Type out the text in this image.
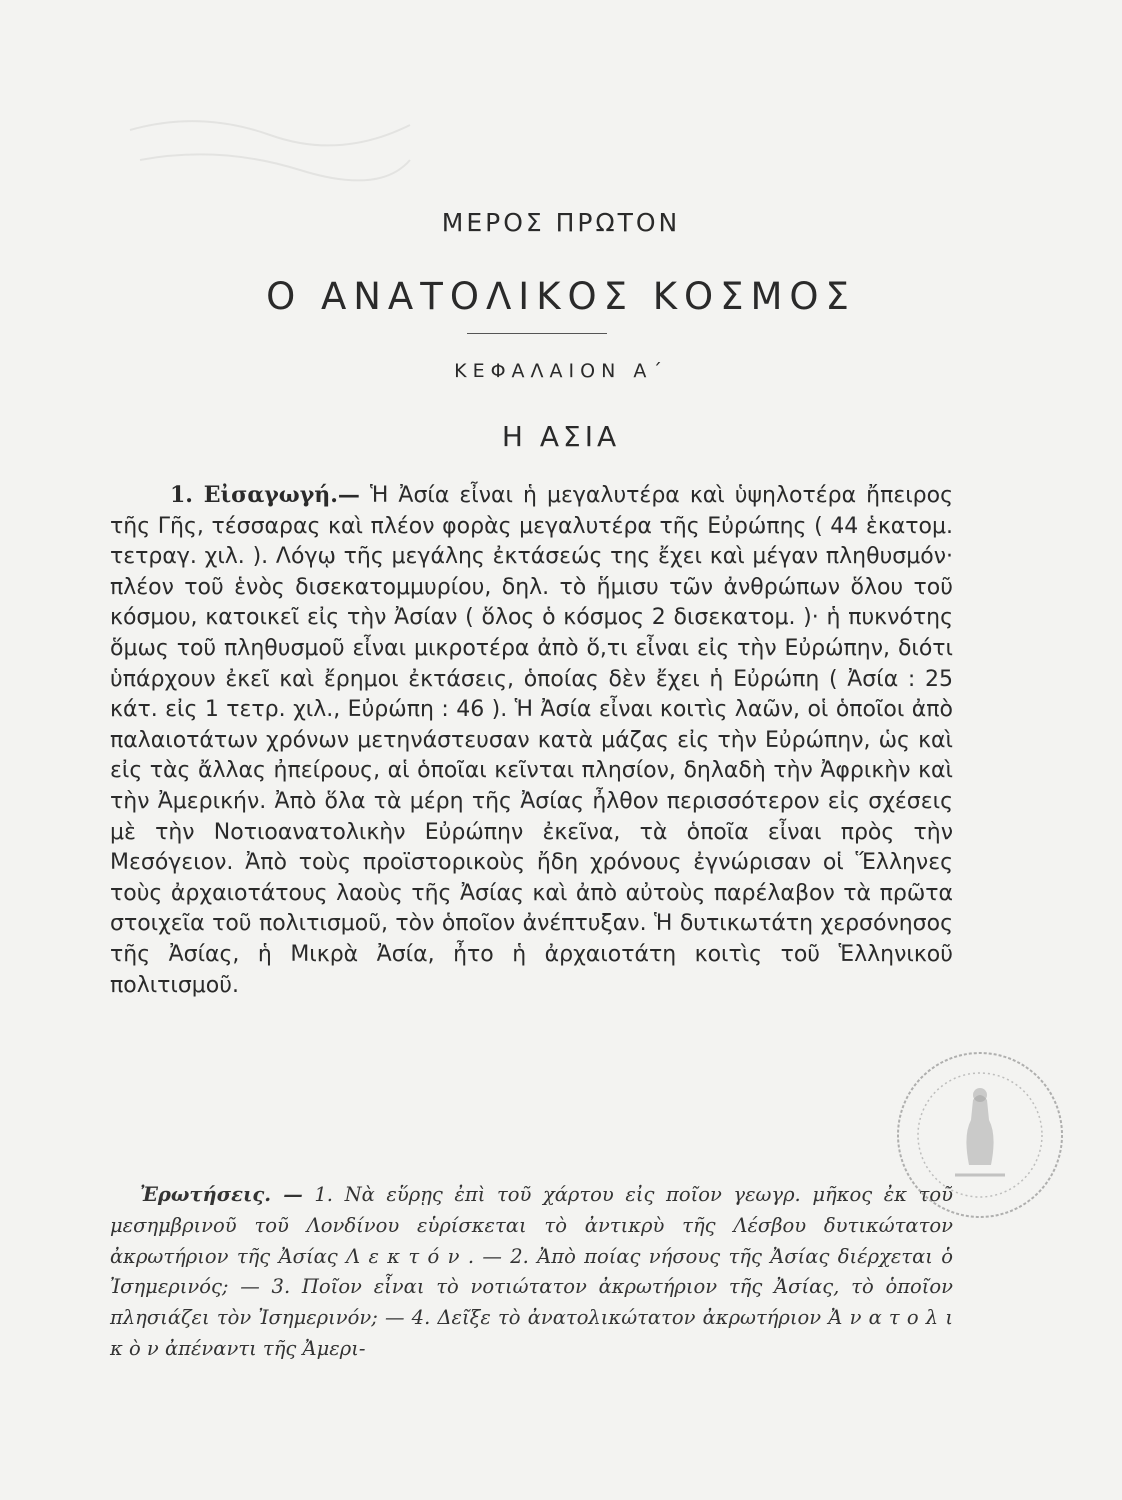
ΜΕΡΟΣ ΠΡΩΤΟΝ
Ο ΑΝΑΤΟΛΙΚΟΣ ΚΟΣΜΟΣ
ΚΕΦΑΛΑΙΟΝ Α΄
Η ΑΣΙΑ
1. Εἰσαγωγή.— Ἡ Ἀσία εἶναι ἡ μεγαλυτέρα καὶ ὑψηλοτέρα ἤπειρος τῆς Γῆς, τέσσαρας καὶ πλέον φορὰς μεγαλυτέρα τῆς Εὐρώπης ( 44 ἑκατομ. τετραγ. χιλ. ). Λόγῳ τῆς μεγάλης ἐκτάσεώς της ἔχει καὶ μέγαν πληθυσμόν· πλέον τοῦ ἑνὸς δισεκατομμυρίου, δηλ. τὸ ἥμισυ τῶν ἀνθρώπων ὅλου τοῦ κόσμου, κατοικεῖ εἰς τὴν Ἀσίαν ( ὅλος ὁ κόσμος 2 δισεκατομ. )· ἡ πυκνότης ὅμως τοῦ πληθυσμοῦ εἶναι μικροτέρα ἀπὸ ὅ,τι εἶναι εἰς τὴν Εὐρώπην, διότι ὑπάρχουν ἐκεῖ καὶ ἔρημοι ἐκτάσεις, ὁποίας δὲν ἔχει ἡ Εὐρώπη ( Ἀσία : 25 κάτ. εἰς 1 τετρ. χιλ., Εὐρώπη : 46 ). Ἡ Ἀσία εἶναι κοιτὶς λαῶν, οἱ ὁποῖοι ἀπὸ παλαιοτάτων χρόνων μετηνάστευσαν κατὰ μάζας εἰς τὴν Εὐρώπην, ὡς καὶ εἰς τὰς ἄλλας ἠπείρους, αἱ ὁποῖαι κεῖνται πλησίον, δηλαδὴ τὴν Ἀφρικὴν καὶ τὴν Ἀμερικήν. Ἀπὸ ὅλα τὰ μέρη τῆς Ἀσίας ἦλθον περισσότερον εἰς σχέσεις μὲ τὴν Νοτιοανατολικὴν Εὐρώπην ἐκεῖνα, τὰ ὁποῖα εἶναι πρὸς τὴν Μεσόγειον. Ἀπὸ τοὺς προϊστορικοὺς ἤδη χρόνους ἐγνώρισαν οἱ Ἕλληνες τοὺς ἀρχαιοτάτους λαοὺς τῆς Ἀσίας καὶ ἀπὸ αὐτοὺς παρέλαβον τὰ πρῶτα στοιχεῖα τοῦ πολιτισμοῦ, τὸν ὁποῖον ἀνέπτυξαν. Ἡ δυτικωτάτη χερσόνησος τῆς Ἀσίας, ἡ Μικρὰ Ἀσία, ἦτο ἡ ἀρχαιοτάτη κοιτὶς τοῦ Ἑλληνικοῦ πολιτισμοῦ.
Ἐρωτήσεις. — 1. Νὰ εὕρῃς ἐπὶ τοῦ χάρτου εἰς ποῖον γεωγρ. μῆκος ἐκ τοῦ μεσημβρινοῦ τοῦ Λονδίνου εὑρίσκεται τὸ ἀντικρὺ τῆς Λέσβου δυτικώτατον ἀκρωτήριον τῆς Ἀσίας Λ ε κ τ ό ν . — 2. Ἀπὸ ποίας νήσους τῆς Ἀσίας διέρχεται ὁ Ἰσημερινός; — 3. Ποῖον εἶναι τὸ νοτιώτατον ἀκρωτήριον τῆς Ἀσίας, τὸ ὁποῖον πλησιάζει τὸν Ἰσημερινόν; — 4. Δεῖξε τὸ ἀνατολικώτατον ἀκρωτήριον Ἀ ν α τ ο λ ι κ ὸ ν ἀπέναντι τῆς Ἀμερι-
